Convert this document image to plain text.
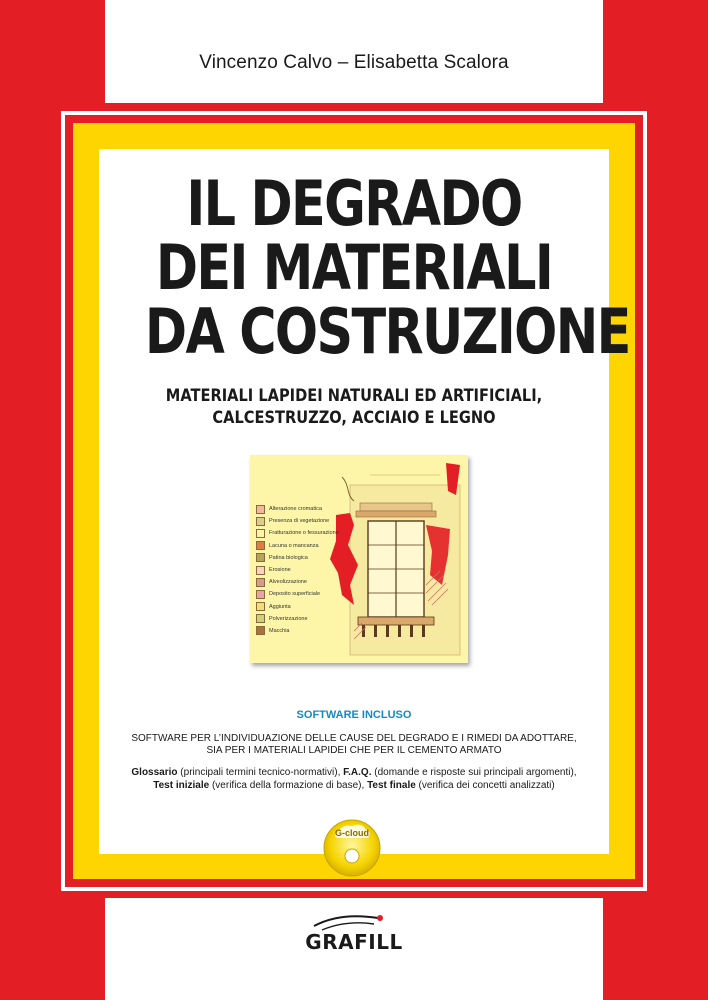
Vincenzo Calvo – Elisabetta Scalora
IL DEGRADO
DEI MATERIALI
DA COSTRUZIONE
MATERIALI LAPIDEI NATURALI ED ARTIFICIALI,
CALCESTRUZZO, ACCIAIO E LEGNO
Alterazione cromatica
Presenza di vegetazione
Fratturazione o fessurazione
Lacuna o mancanza
Patina biologica
Erosione
Alveolizzazione
Deposito superficiale
Aggiunta
Polverizzazione
Macchia
SOFTWARE INCLUSO
SOFTWARE PER L’INDIVIDUAZIONE DELLE CAUSE DEL DEGRADO E I RIMEDI DA ADOTTARE,
SIA PER I MATERIALI LAPIDEI CHE PER IL CEMENTO ARMATO
Glossario (principali termini tecnico-normativi), F.A.Q. (domande e risposte sui principali argomenti),
Test iniziale (verifica della formazione di base), Test finale (verifica dei concetti analizzati)
G-cloud
GRAFILL
